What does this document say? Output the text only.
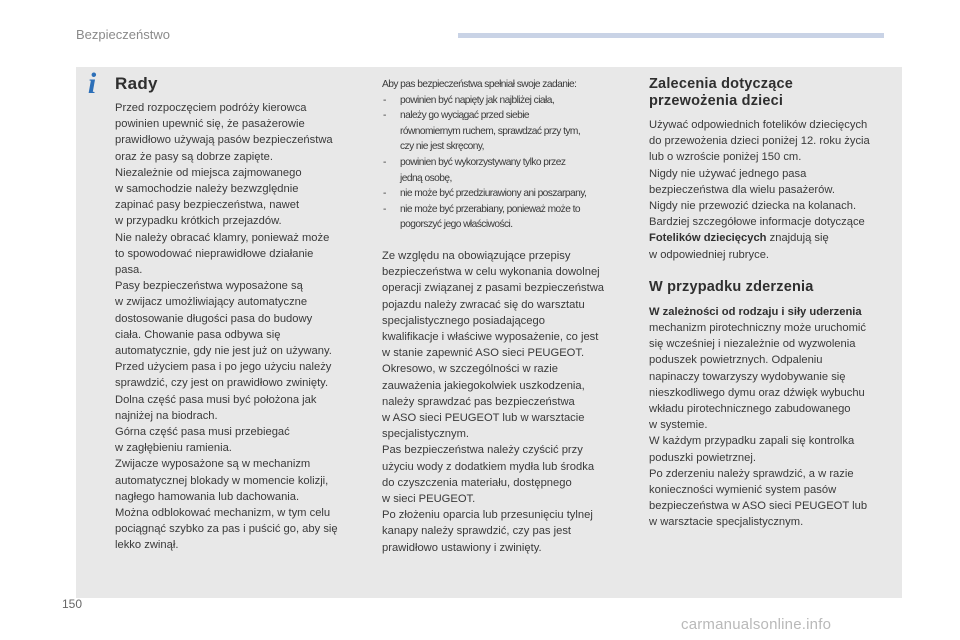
Bezpieczeństwo
i	Rady
Przed rozpoczęciem podróży kierowca
powinien upewnić się, że pasażerowie
prawidłowo używają pasów bezpieczeństwa
oraz że pasy są dobrze zapięte.
Niezależnie od miejsca zajmowanego
w samochodzie należy bezwzględnie
zapinać pasy bezpieczeństwa, nawet
w przypadku krótkich przejazdów.
Nie należy obracać klamry, ponieważ może
to spowodować nieprawidłowe działanie
pasa.
Pasy bezpieczeństwa wyposażone są
w zwijacz umożliwiający automatyczne
dostosowanie długości pasa do budowy
ciała. Chowanie pasa odbywa się
automatycznie, gdy nie jest już on używany.
Przed użyciem pasa i po jego użyciu należy
sprawdzić, czy jest on prawidłowo zwinięty.
Dolna część pasa musi być położona jak
najniżej na biodrach.
Górna część pasa musi przebiegać
w zagłębieniu ramienia.
Zwijacze wyposażone są w mechanizm
automatycznej blokady w momencie kolizji,
nagłego hamowania lub dachowania.
Można odblokować mechanizm, w tym celu
pociągnąć szybko za pas i puścić go, aby się
lekko zwinął.
Aby pas bezpieczeństwa spełniał swoje zadanie:
- powinien być napięty jak najbliżej ciała,
- należy go wyciągać przed siebie
równomiernym ruchem, sprawdzać przy tym,
czy nie jest skręcony,
- powinien być wykorzystywany tylko przez
jedną osobę,
- nie może być przedziurawiony ani poszarpany,
- nie może być przerabiany, ponieważ może to
pogorszyć jego właściwości.
Ze względu na obowiązujące przepisy
bezpieczeństwa w celu wykonania dowolnej
operacji związanej z pasami bezpieczeństwa
pojazdu należy zwracać się do warsztatu
specjalistycznego posiadającego
kwalifikacje i właściwe wyposażenie, co jest
w stanie zapewnić ASO sieci PEUGEOT.
Okresowo, w szczególności w razie
zauważenia jakiegokolwiek uszkodzenia,
należy sprawdzać pas bezpieczeństwa
w ASO sieci PEUGEOT lub w warsztacie
specjalistycznym.
Pas bezpieczeństwa należy czyścić przy
użyciu wody z dodatkiem mydła lub środka
do czyszczenia materiału, dostępnego
w sieci PEUGEOT.
Po złożeniu oparcia lub przesunięciu tylnej
kanapy należy sprawdzić, czy pas jest
prawidłowo ustawiony i zwinięty.
Zalecenia dotyczące
przewożenia dzieci
Używać odpowiednich fotelików dziecięcych
do przewożenia dzieci poniżej 12. roku życia
lub o wzroście poniżej 150 cm.
Nigdy nie używać jednego pasa
bezpieczeństwa dla wielu pasażerów.
Nigdy nie przewozić dziecka na kolanach.
Bardziej szczegółowe informacje dotyczące
Fotelików dziecięcych znajdują się
w odpowiedniej rubryce.
W przypadku zderzenia
W zależności od rodzaju i siły uderzenia
mechanizm pirotechniczny może uruchomić
się wcześniej i niezależnie od wyzwolenia
poduszek powietrznych. Odpaleniu
napinaczy towarzyszy wydobywanie się
nieszkodliwego dymu oraz dźwięk wybuchu
wkładu pirotechnicznego zabudowanego
w systemie.
W każdym przypadku zapali się kontrolka
poduszki powietrznej.
Po zderzeniu należy sprawdzić, a w razie
konieczności wymienić system pasów
bezpieczeństwa w ASO sieci PEUGEOT lub
w warsztacie specjalistycznym.
150
carmanualsonline.info
